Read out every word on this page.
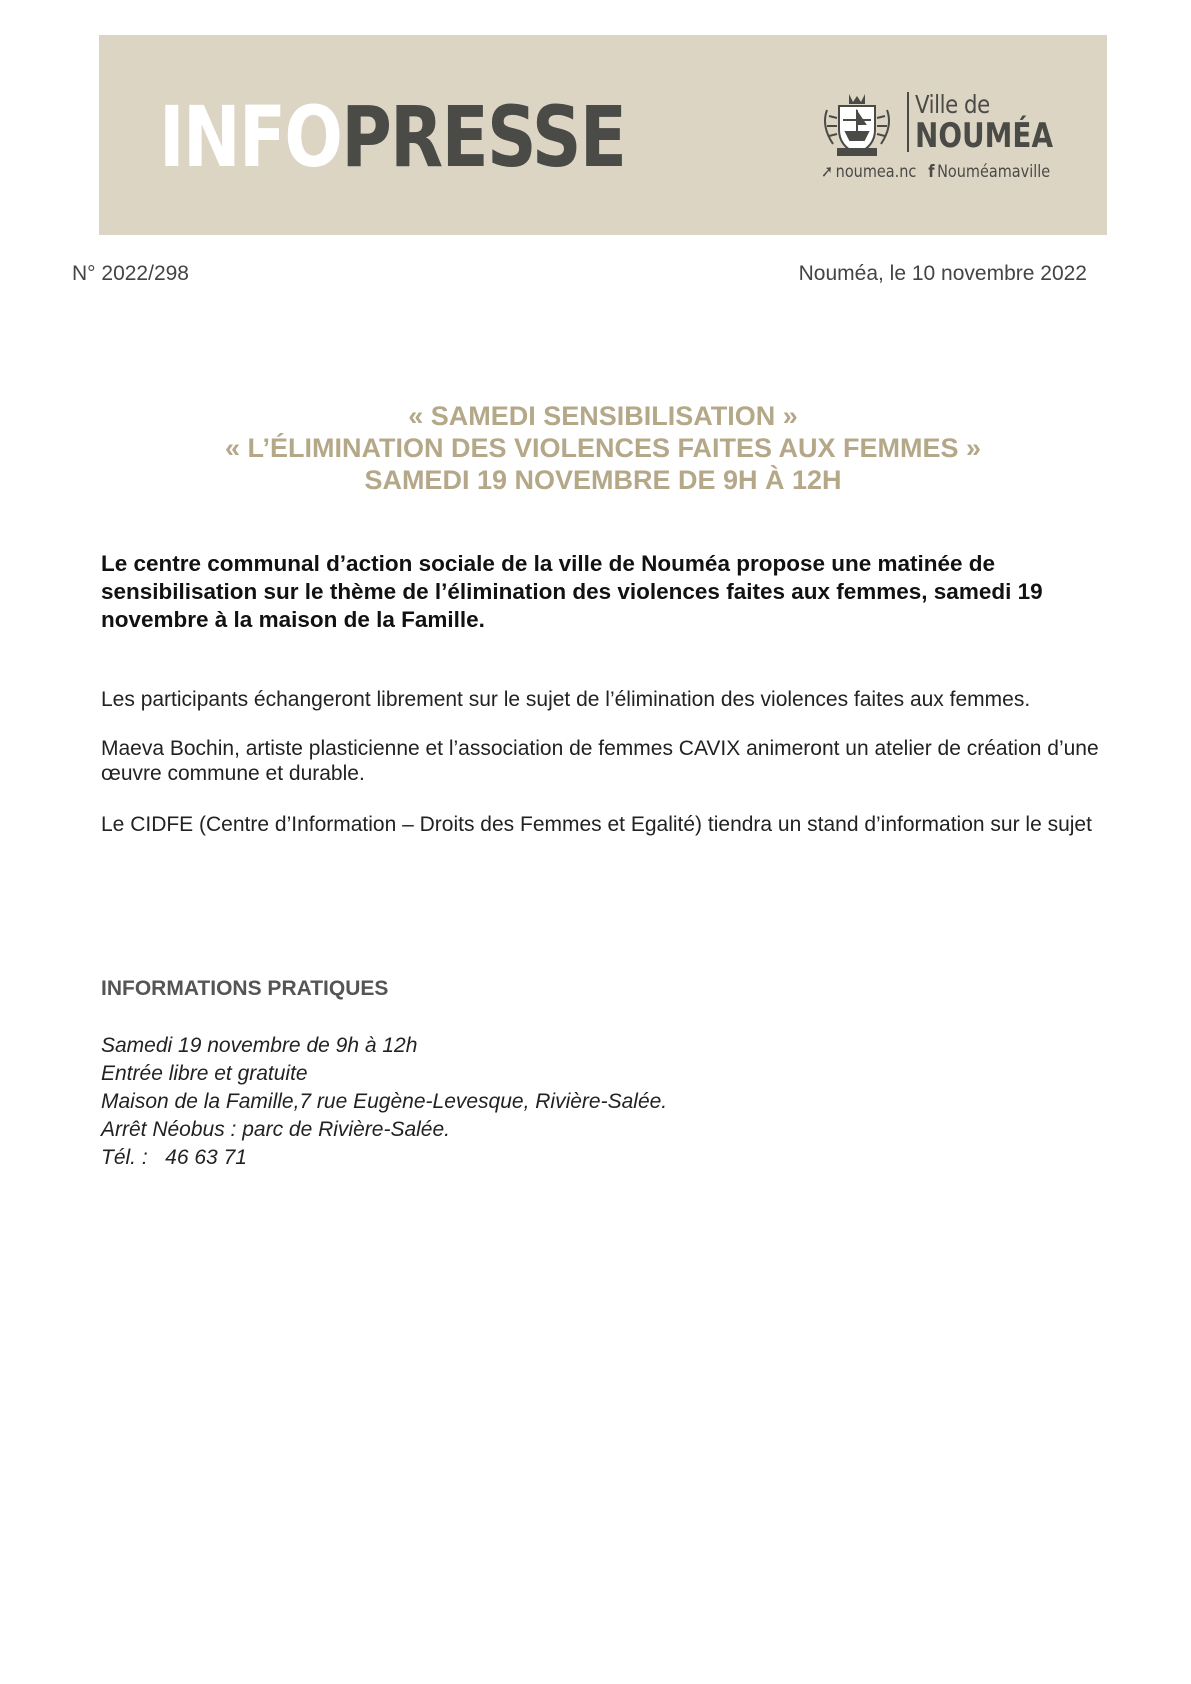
INFOPRESSE	Ville de
NOUMÉA
➚ noumea.nc f Nouméamaville
N° 2022/298	Nouméa, le 10 novembre 2022
« SAMEDI SENSIBILISATION »
« L’ÉLIMINATION DES VIOLENCES FAITES AUX FEMMES »
SAMEDI 19 NOVEMBRE DE 9H À 12H
Le centre communal d’action sociale de la ville de Nouméa propose une matinée de sensibilisation sur le thème de l’élimination des violences faites aux femmes, samedi 19 novembre à la maison de la Famille.
Les participants échangeront librement sur le sujet de l’élimination des violences faites aux femmes.
Maeva Bochin, artiste plasticienne et l’association de femmes CAVIX animeront un atelier de création d’une œuvre commune et durable.
Le CIDFE (Centre d’Information – Droits des Femmes et Egalité) tiendra un stand d’information sur le sujet
INFORMATIONS PRATIQUES
Samedi 19 novembre de 9h à 12h
Entrée libre et gratuite
Maison de la Famille,7 rue Eugène-Levesque, Rivière-Salée.
Arrêt Néobus : parc de Rivière-Salée.
Tél. :   46 63 71
